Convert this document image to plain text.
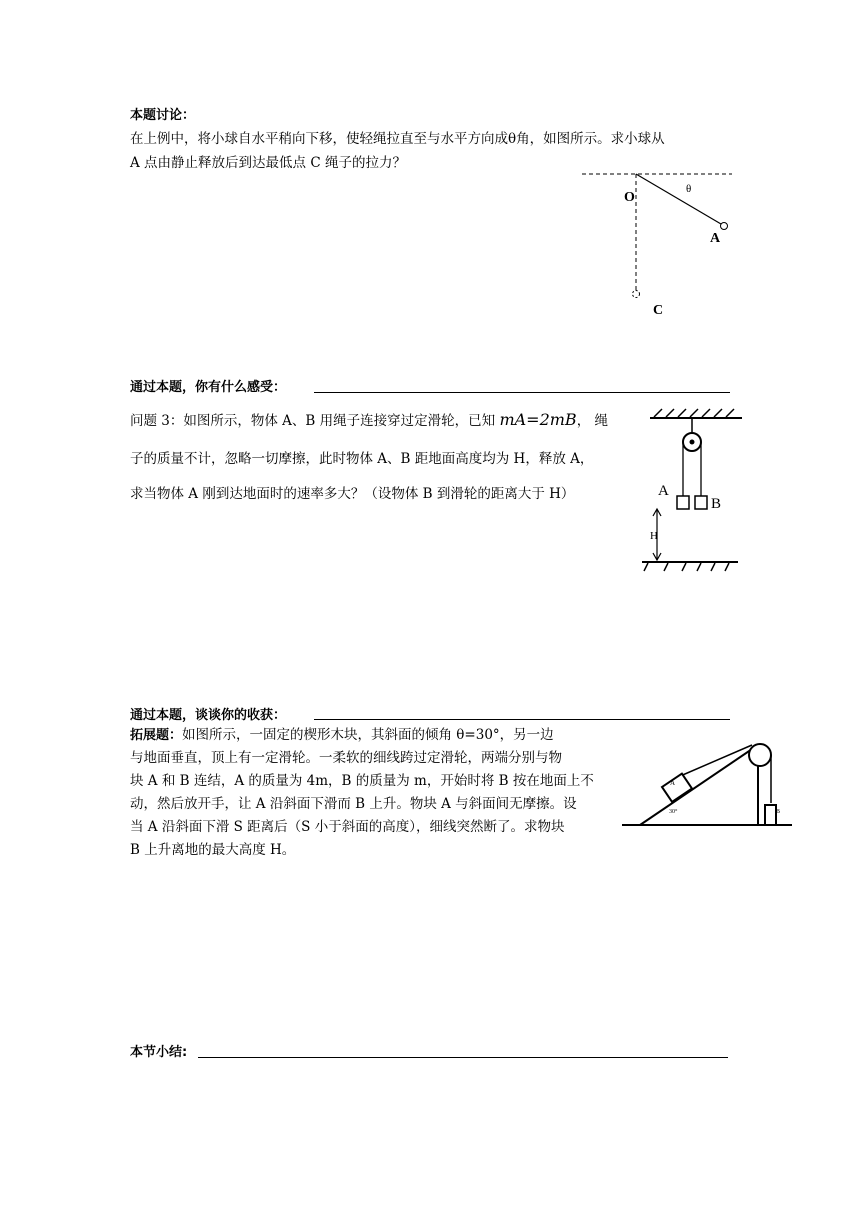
本题讨论：
在上例中，将小球自水平稍向下移，使轻绳拉直至与水平方向成θ角，如图所示。求小球从
A 点由静止释放后到达最低点 C 绳子的拉力？
O
θ
A
C
通过本题，你有什么感受：
问题 3：如图所示，物体 A、B 用绳子连接穿过定滑轮，已知 mA=2mB， 绳
子的质量不计，忽略一切摩擦，此时物体 A、B 距地面高度均为 H，释放 A，
求当物体 A 刚到达地面时的速率多大？（设物体 B 到滑轮的距离大于 H）	A
B
H
通过本题，谈谈你的收获：
拓展题：如图所示，一固定的楔形木块，其斜面的倾角 θ=30°，另一边
与地面垂直，顶上有一定滑轮。一柔软的细线跨过定滑轮，两端分别与物
块 A 和 B 连结，A 的质量为 4m，B 的质量为 m，开始时将 B 按在地面上不
动，然后放开手，让 A 沿斜面下滑而 B 上升。物块 A 与斜面间无摩擦。设
当 A 沿斜面下滑 S 距离后（S 小于斜面的高度），细线突然断了。求物块
B 上升离地的最大高度 H。
A
30°	B
本节小结:
